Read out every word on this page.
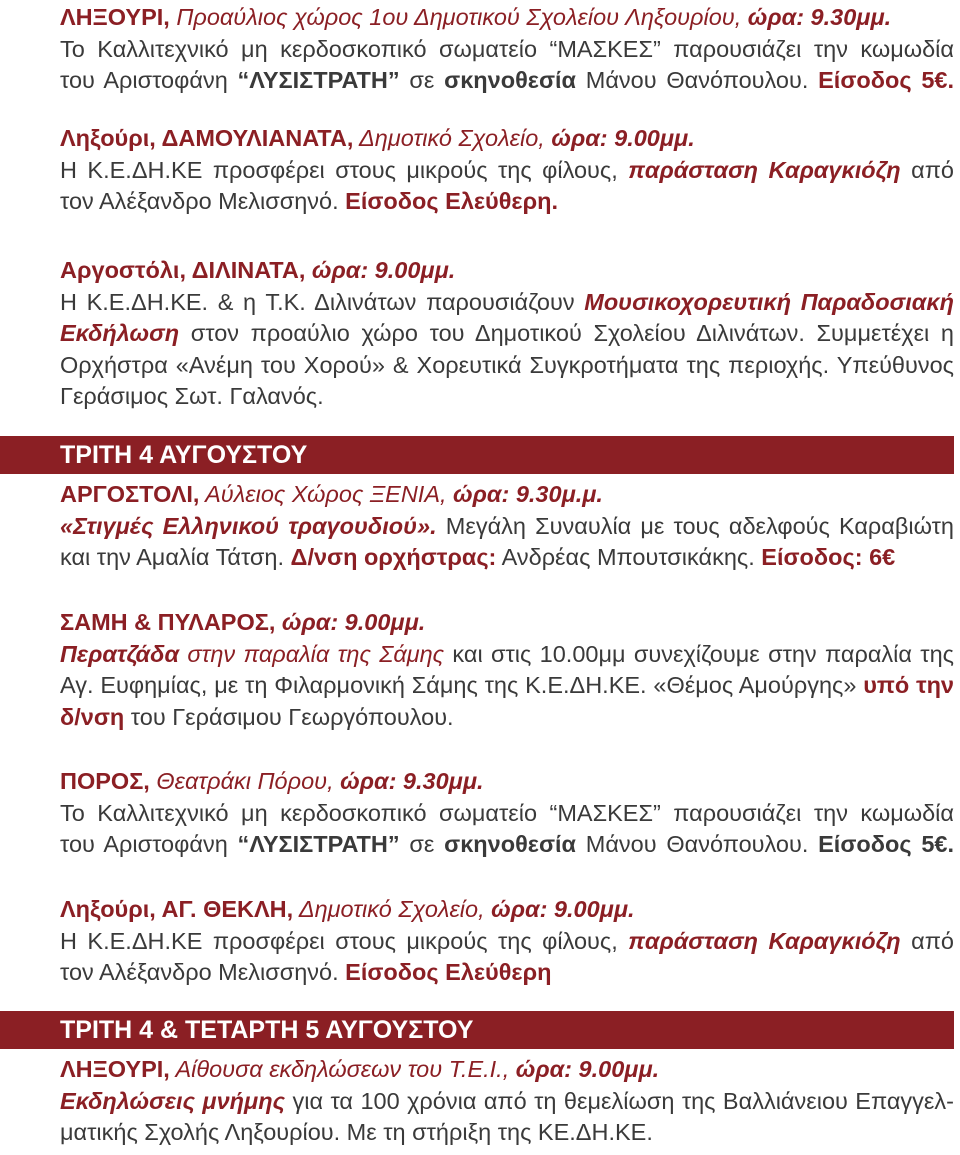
ΛΗΞΟΥΡΙ, Προαύλιος χώρος 1ου Δημοτικού Σχολείου Ληξουρίου, ώρα: 9.30μμ.
Το Καλλιτεχνικό μη κερδοσκοπικό σωματείο “ΜΑΣΚΕΣ” παρουσιάζει την κωμωδία
του Αριστοφάνη “ΛΥΣΙΣΤΡΑΤΗ” σε σκηνοθεσία Μάνου Θανόπουλου. Είσοδος 5€.
Ληξούρι, ΔΑΜΟΥΛΙΑΝΑΤΑ, Δημοτικό Σχολείο, ώρα: 9.00μμ.
Η Κ.Ε.ΔΗ.ΚΕ προσφέρει στους μικρούς της φίλους, παράσταση Καραγκιόζη από
τον Αλέξανδρο Μελισσηνό. Είσοδος Ελεύθερη.
Αργοστόλι, ΔΙΛΙΝΑΤΑ, ώρα: 9.00μμ.
Η Κ.Ε.ΔΗ.ΚΕ. & η Τ.Κ. Διλινάτων παρουσιάζουν Μουσικοχορευτική Παραδοσιακή
Εκδήλωση στον προαύλιο χώρο του Δημοτικού Σχολείου Διλινάτων. Συμμετέχει η
Ορχήστρα «Ανέμη του Χορού» & Χορευτικά Συγκροτήματα της περιοχής. Υπεύθυνος
Γεράσιμος Σωτ. Γαλανός.
ΤΡΙΤΗ 4 ΑΥΓΟΥΣΤΟΥ
ΑΡΓΟΣΤΟΛΙ, Αύλειος Χώρος ΞΕΝΙΑ, ώρα: 9.30μ.μ.
«Στιγμές Ελληνικού τραγουδιού». Μεγάλη Συναυλία με τους αδελφούς Καραβιώτη
και την Αμαλία Τάτση. Δ/νση ορχήστρας: Ανδρέας Μπουτσικάκης. Είσοδος: 6€
ΣΑΜΗ & ΠΥΛΑΡΟΣ, ώρα: 9.00μμ.
Περατζάδα στην παραλία της Σάμης και στις 10.00μμ συνεχίζουμε στην παραλία της
Αγ. Ευφημίας, με τη Φιλαρμονική Σάμης της Κ.Ε.ΔΗ.ΚΕ. «Θέμος Αμούργης» υπό την
δ/νση του Γεράσιμου Γεωργόπουλου.
ΠΟΡΟΣ, Θεατράκι Πόρου, ώρα: 9.30μμ.
Το Καλλιτεχνικό μη κερδοσκοπικό σωματείο “ΜΑΣΚΕΣ” παρουσιάζει την κωμωδία
του Αριστοφάνη “ΛΥΣΙΣΤΡΑΤΗ” σε σκηνοθεσία Μάνου Θανόπουλου. Είσοδος 5€.
Ληξούρι, ΑΓ. ΘΕΚΛΗ, Δημοτικό Σχολείο, ώρα: 9.00μμ.
Η Κ.Ε.ΔΗ.ΚΕ προσφέρει στους μικρούς της φίλους, παράσταση Καραγκιόζη από
τον Αλέξανδρο Μελισσηνό. Είσοδος Ελεύθερη
ΤΡΙΤΗ 4 & ΤΕΤΑΡΤΗ 5 ΑΥΓΟΥΣΤΟΥ
ΛΗΞΟΥΡΙ, Αίθουσα εκδηλώσεων του Τ.Ε.Ι., ώρα: 9.00μμ.
Εκδηλώσεις μνήμης για τα 100 χρόνια από τη θεμελίωση της Βαλλιάνειου Επαγγελ-
ματικής Σχολής Ληξουρίου. Με τη στήριξη της ΚΕ.ΔΗ.ΚΕ.
